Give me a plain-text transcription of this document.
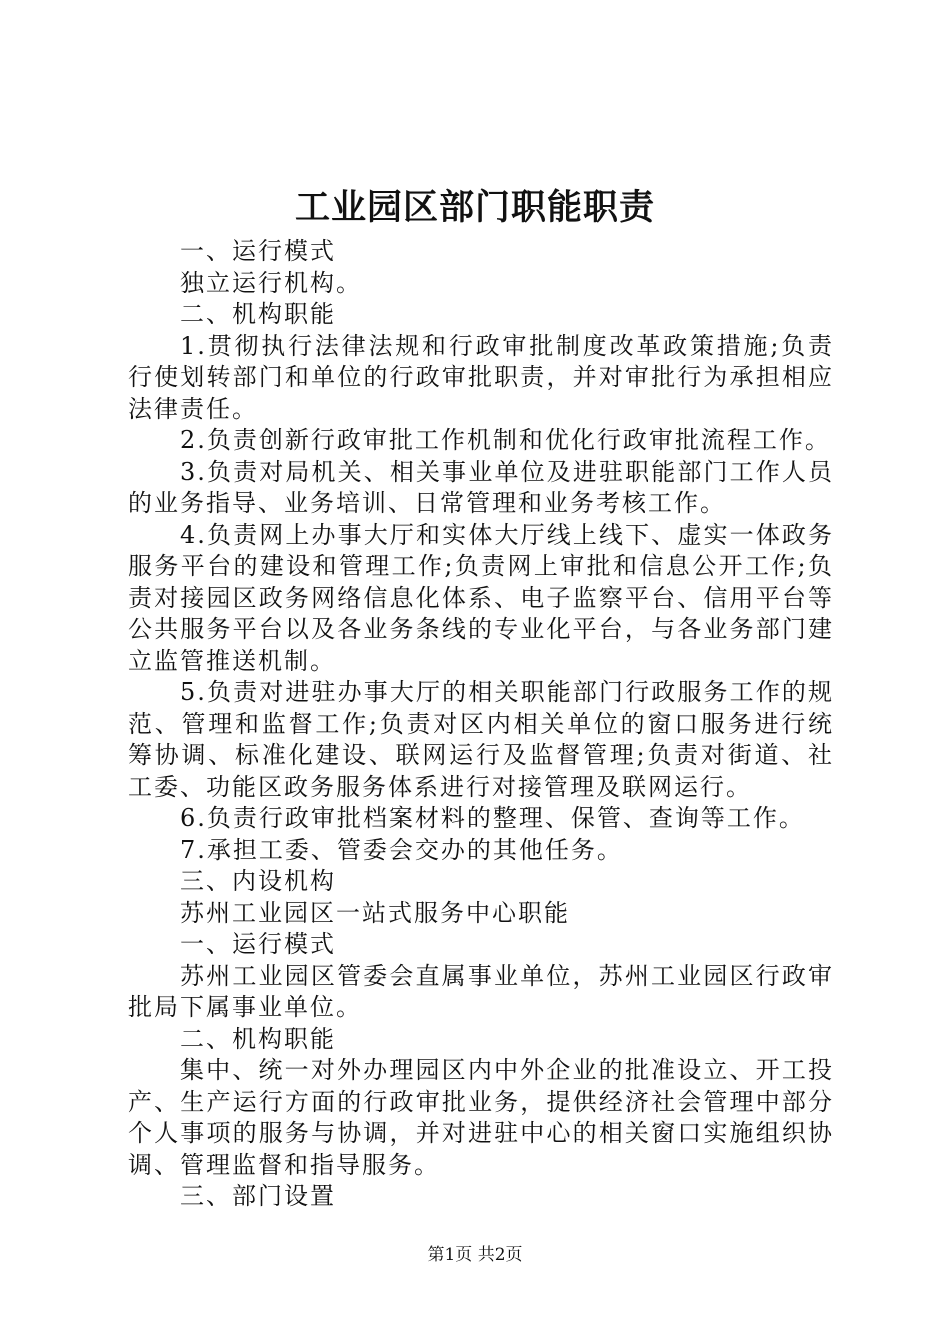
工业园区部门职能职责

一、运行模式

独立运行机构。

二、机构职能

1.贯彻执行法律法规和行政审批制度改革政策措施;负责行使划转部门和单位的行政审批职责，并对审批行为承担相应法律责任。

2.负责创新行政审批工作机制和优化行政审批流程工作。

3.负责对局机关、相关事业单位及进驻职能部门工作人员的业务指导、业务培训、日常管理和业务考核工作。

4.负责网上办事大厅和实体大厅线上线下、虚实一体政务服务平台的建设和管理工作;负责网上审批和信息公开工作;负责对接园区政务网络信息化体系、电子监察平台、信用平台等公共服务平台以及各业务条线的专业化平台，与各业务部门建立监管推送机制。

5.负责对进驻办事大厅的相关职能部门行政服务工作的规范、管理和监督工作;负责对区内相关单位的窗口服务进行统筹协调、标准化建设、联网运行及监督管理;负责对街道、社工委、功能区政务服务体系进行对接管理及联网运行。

6.负责行政审批档案材料的整理、保管、查询等工作。

7.承担工委、管委会交办的其他任务。

三、内设机构

苏州工业园区一站式服务中心职能

一、运行模式

苏州工业园区管委会直属事业单位，苏州工业园区行政审批局下属事业单位。

二、机构职能

集中、统一对外办理园区内中外企业的批准设立、开工投产、生产运行方面的行政审批业务，提供经济社会管理中部分个人事项的服务与协调，并对进驻中心的相关窗口实施组织协调、管理监督和指导服务。

三、部门设置

第1页 共2页
